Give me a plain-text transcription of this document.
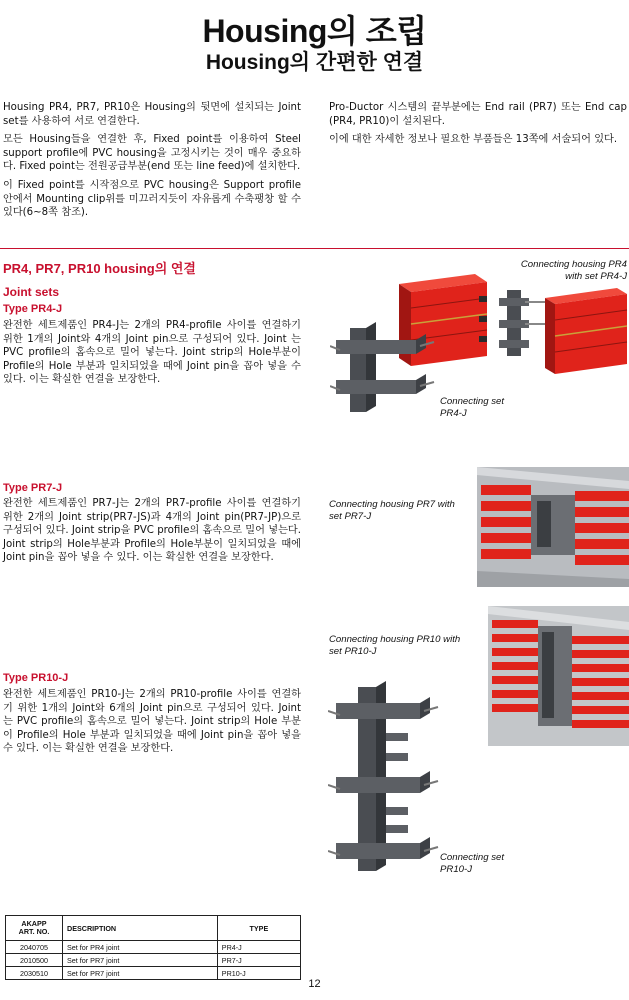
Housing의 조립
Housing의 간편한 연결

Housing PR4, PR7, PR10은 Housing의 뒷면에 설치되는 Joint set를 사용하여 서로 연결한다.

모든 Housing들을 연결한 후, Fixed point를 이용하여 Steel support profile에 PVC housing을 고정시키는 것이 매우 중요하다. Fixed point는 전원공급부분(end 또는 line feed)에 설치한다.

이 Fixed point를 시작점으로 PVC housing은 Support profile 안에서 Mounting clip위를 미끄러지듯이 자유롭게 수축팽창 할 수 있다(6~8쪽 참조).

Pro-Ductor 시스템의 끝부분에는 End rail (PR7) 또는 End cap (PR4, PR10)이 설치된다.

이에 대한 자세한 정보나 필요한 부품들은 13쪽에 서술되어 있다.

PR4, PR7, PR10 housing의 연결
Joint sets
Type PR4-J

완전한 세트제품인 PR4-J는 2개의 PR4-profile 사이를 연결하기 위한 1개의 Joint와 4개의 Joint pin으로 구성되어 있다. Joint 는 PVC profile의 홈속으로 밀어 넣는다. Joint strip의 Hole부분이 Profile의 Hole 부분과 일치되었을 때에 Joint pin을 꼽아 넣을 수 있다. 이는 확실한 연결을 보장한다.

Type PR7-J

완전한 세트제품인 PR7-J는 2개의 PR7-profile 사이를 연결하기 위한 2개의 Joint strip(PR7-JS)과 4개의 Joint pin(PR7-JP)으로 구성되어 있다. Joint strip을 PVC profile의 홈속으로 밀어 넣는다. Joint strip의 Hole부분과 Profile의 Hole부분이 일치되었을 때에 Joint pin을 꼽아 넣을 수 있다. 이는 확실한 연결을 보장한다.

Type PR10-J

완전한 세트제품인 PR10-J는 2개의 PR10-profile 사이를 연결하기 위한 1개의 Joint와 6개의 Joint pin으로 구성되어 있다. Joint 는 PVC profile의 홈속으로 밀어 넣는다. Joint strip의 Hole 부분이 Profile의 Hole 부분과 일치되었을 때에 Joint pin을 꼽아 넣을 수 있다. 이는 확실한 연결을 보장한다.

Connecting housing PR4
with set PR4-J
Connecting set
PR4-J
Connecting housing PR7 with
set PR7-J
Connecting housing PR10 with
set PR10-J
Connecting set
PR10-J
AKAPP
ART. NO.	DESCRIPTION	TYPE
2040705	Set for PR4 joint	PR4-J
2010500	Set for PR7 joint	PR7-J
2030510	Set for PR7 joint	PR10-J
12
